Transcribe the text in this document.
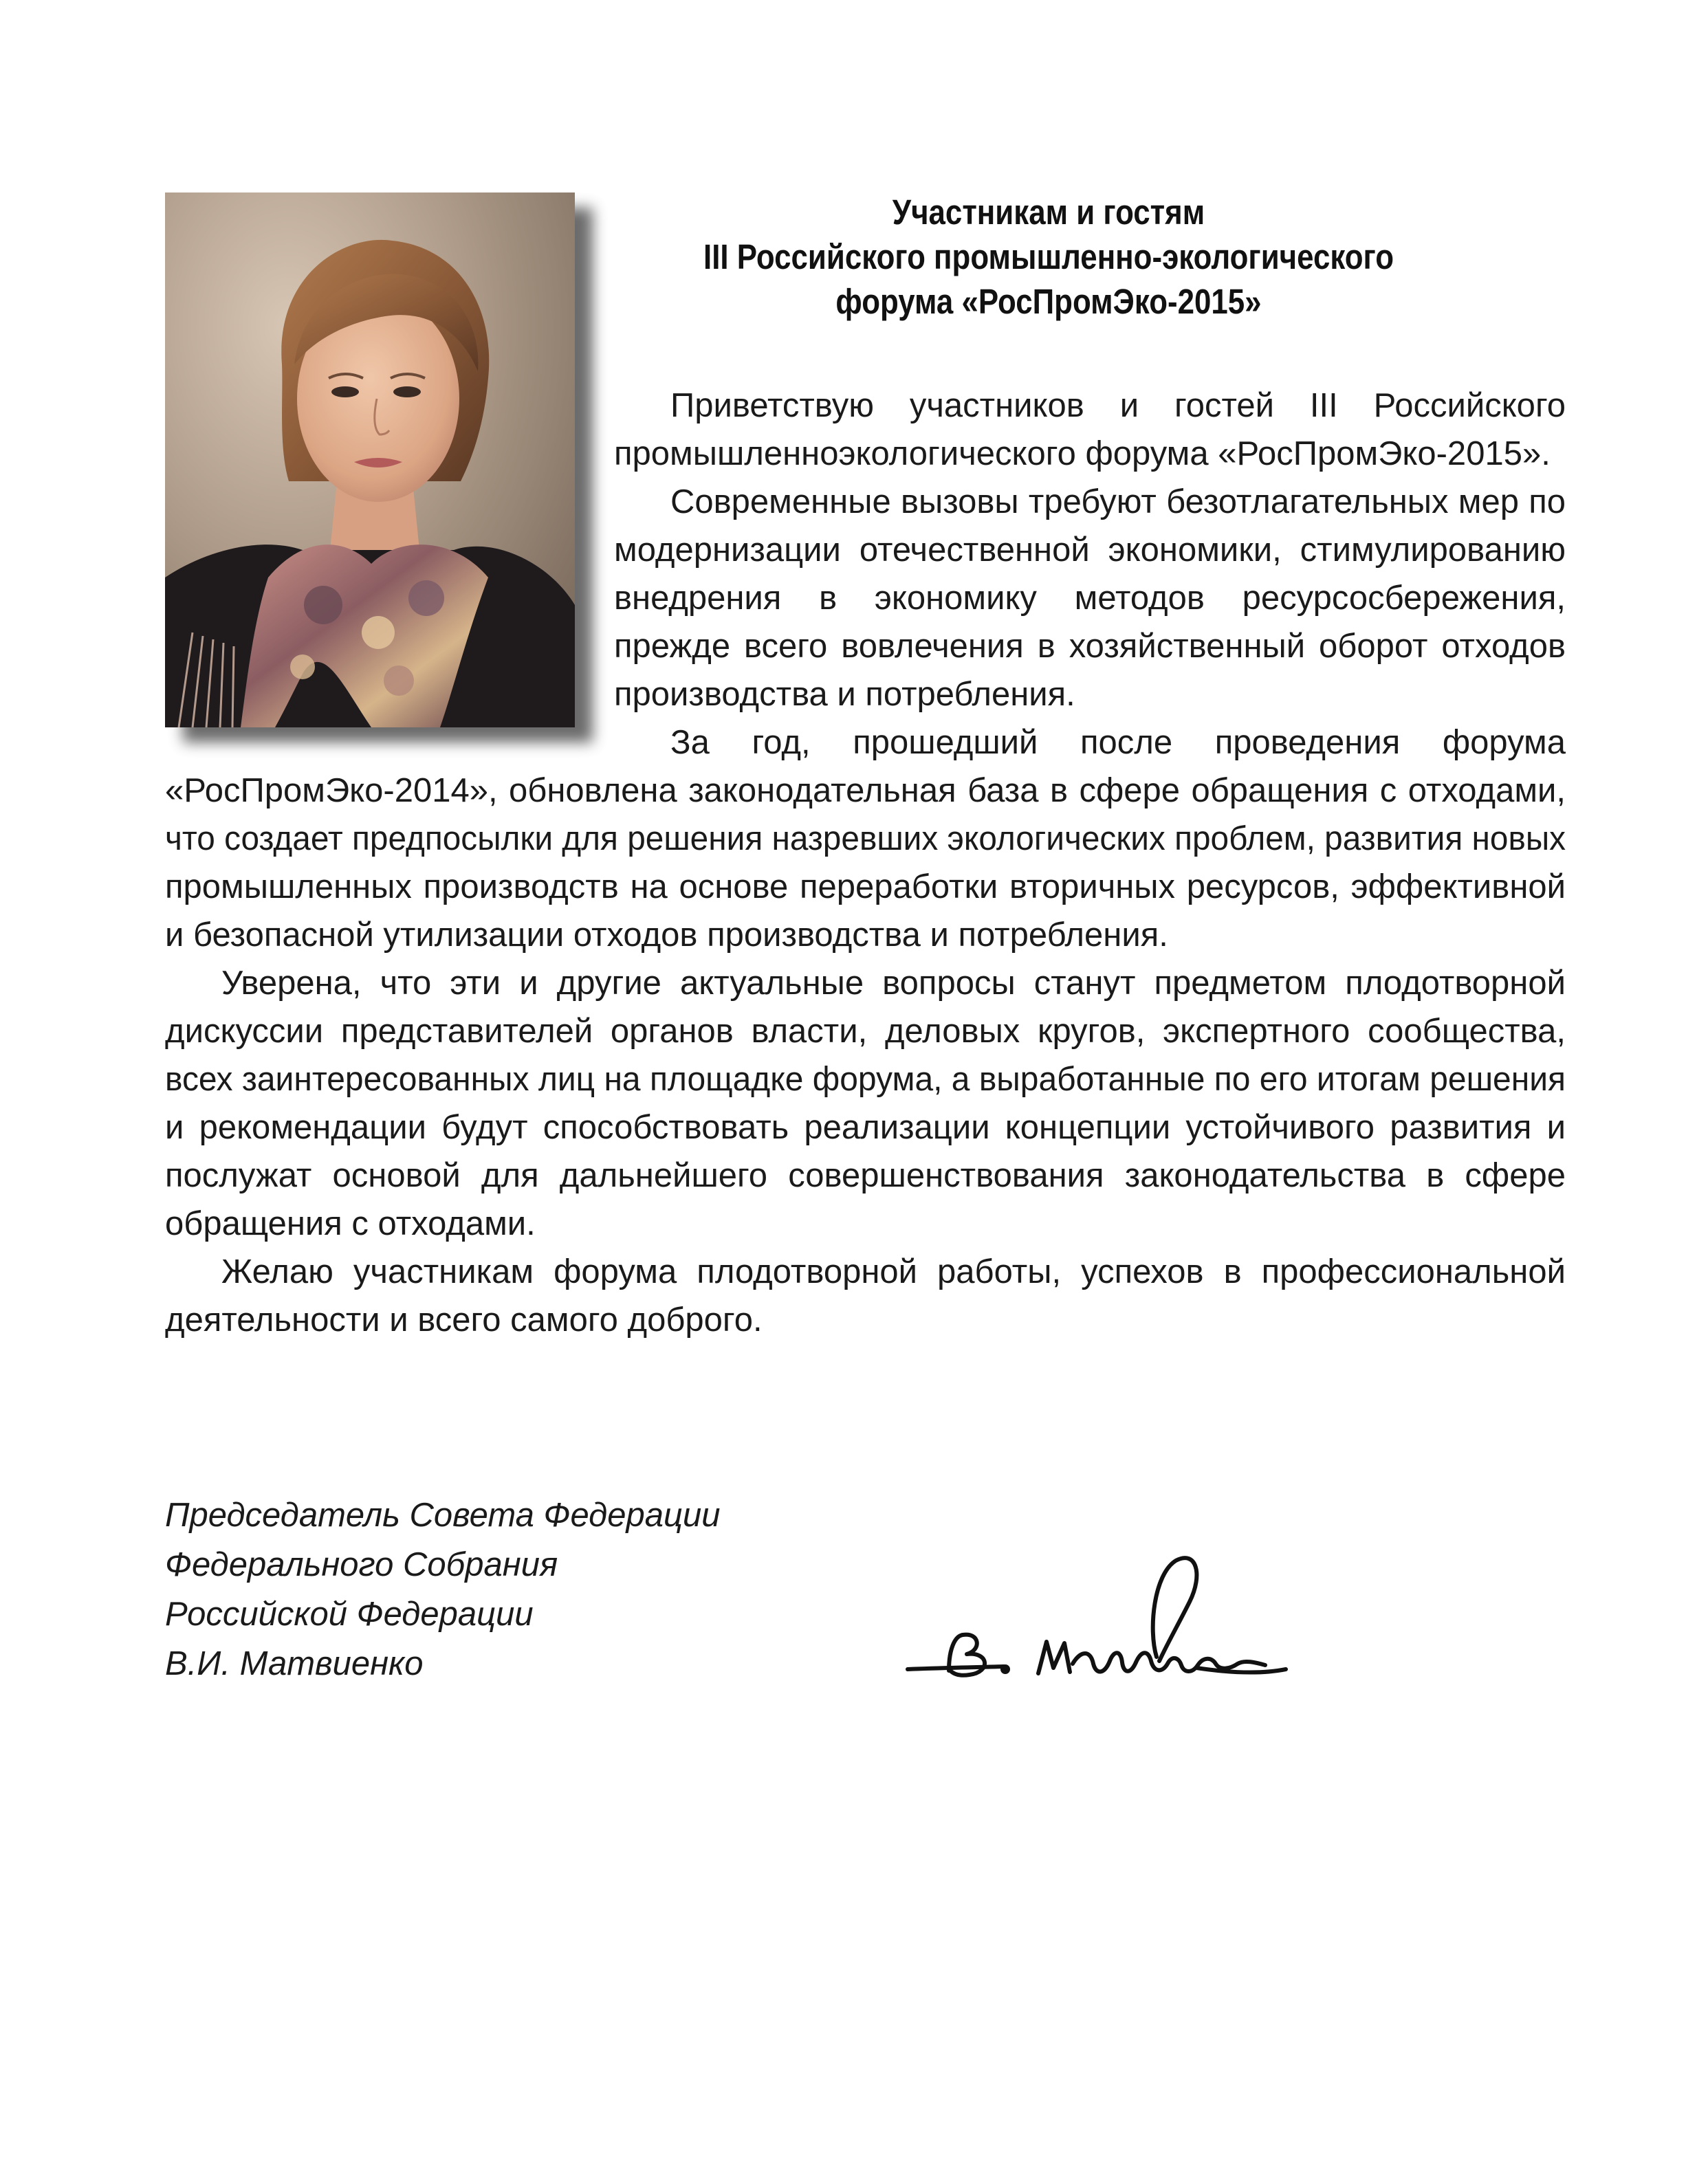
Участникам и гостям
III Российского промышленно-экологического
форума «РосПромЭко-2015»
Приветствую участников и гостей III Российского
промышленноэкологического форума «РосПромЭко-2015».
Современные вызовы требуют безотлагательных мер по
модернизации отечественной экономики, стимулированию
внедрения в экономику методов ресурсосбережения,
прежде всего вовлечения в хозяйственный оборот отходов
производства и потребления.
За год, прошедший после проведения форума
«РосПромЭко-2014», обновлена законодательная база в сфере обращения с отходами,
что создает предпосылки для решения назревших экологических проблем, развития новых
промышленных производств на основе переработки вторичных ресурсов, эффективной
и безопасной утилизации отходов производства и потребления.
Уверена, что эти и другие актуальные вопросы станут предметом плодотворной
дискуссии представителей органов власти, деловых кругов, экспертного сообщества,
всех заинтересованных лиц на площадке форума, а выработанные по его итогам решения
и рекомендации будут способствовать реализации концепции устойчивого развития и
послужат основой для дальнейшего совершенствования законодательства в сфере
обращения с отходами.
Желаю участникам форума плодотворной работы, успехов в профессиональной
деятельности и всего самого доброго.
Председатель Совета Федерации
Федерального Собрания
Российской Федерации
В.И. Матвиенко
